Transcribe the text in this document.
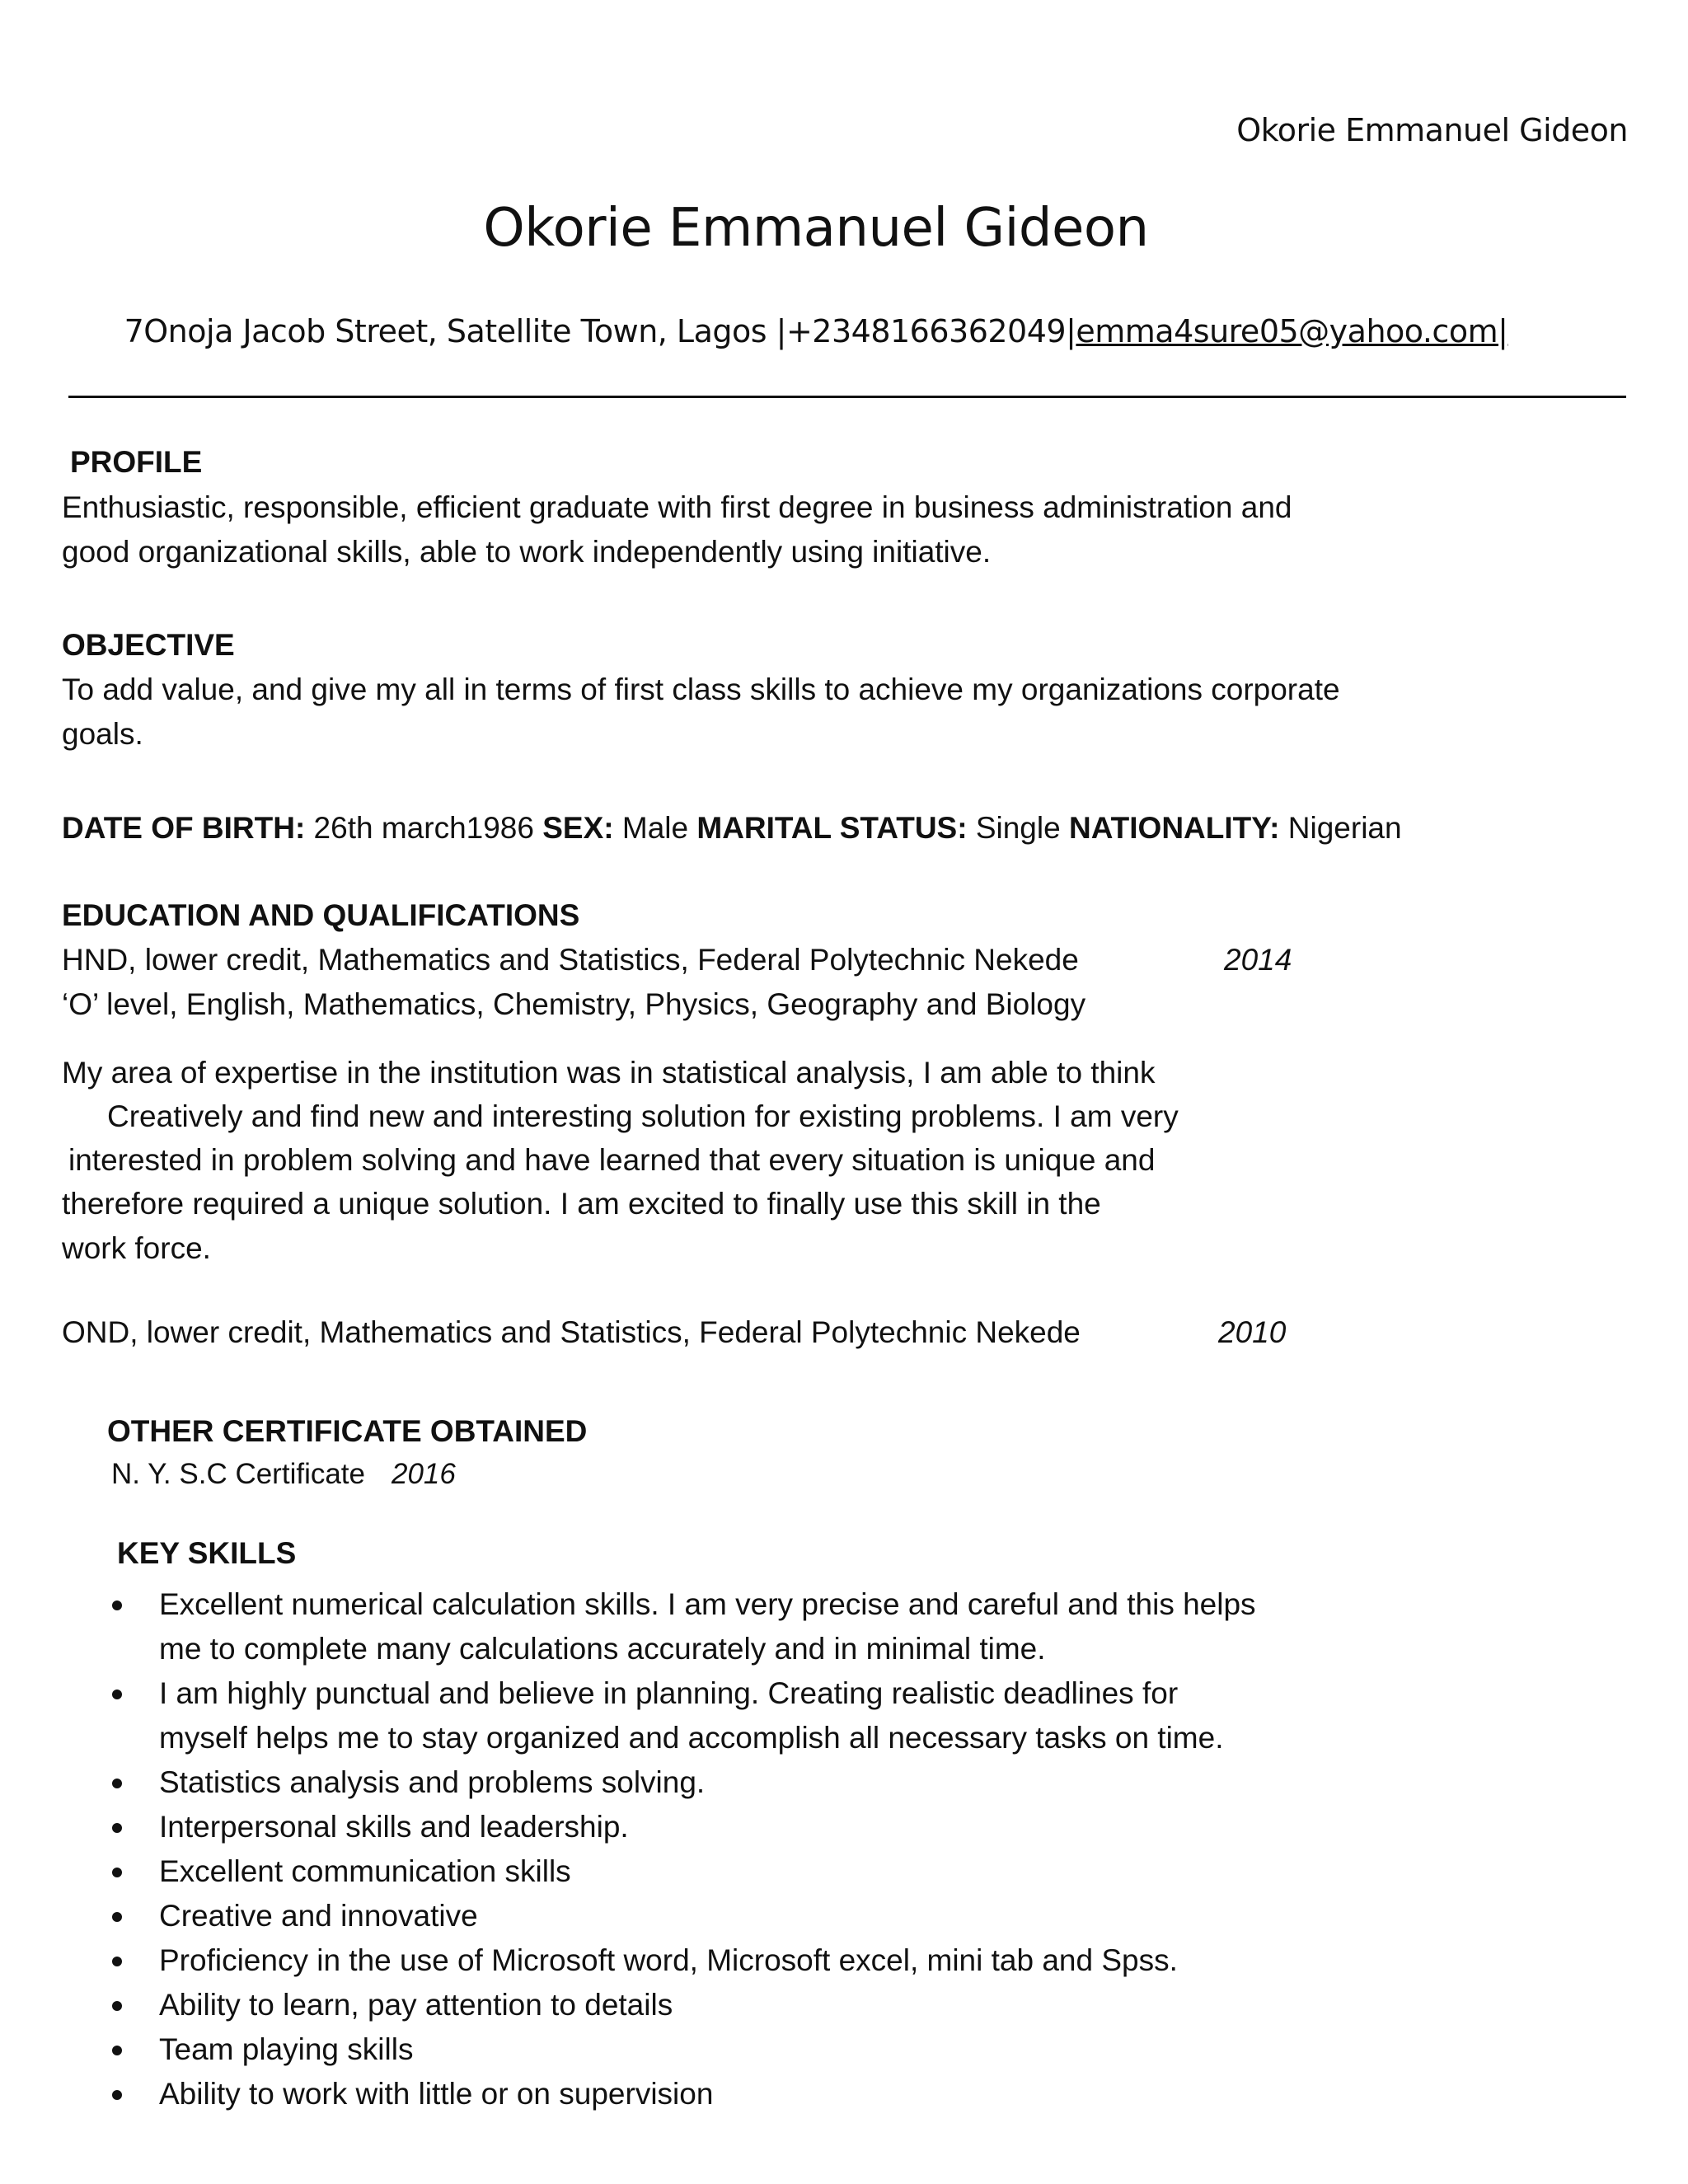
Okorie Emmanuel Gideon
Okorie Emmanuel Gideon
7Onoja Jacob Street, Satellite Town, Lagos |+2348166362049|emma4sure05@yahoo.com|
PROFILE
Enthusiastic, responsible, efficient graduate with first degree in business administration and
good organizational skills, able to work independently using initiative.
OBJECTIVE
To add value, and give my all in terms of first class skills to achieve my organizations corporate
goals.
DATE OF BIRTH: 26th march1986 SEX: Male MARITAL STATUS: Single NATIONALITY: Nigerian
EDUCATION AND QUALIFICATIONS
HND, lower credit, Mathematics and Statistics, Federal Polytechnic Nekede	2014
‘O’ level, English, Mathematics, Chemistry, Physics, Geography and Biology
My area of expertise in the institution was in statistical analysis, I am able to think
Creatively and find new and interesting solution for existing problems. I am very
interested in problem solving and have learned that every situation is unique and
therefore required a unique solution. I am excited to finally use this skill in the
work force.
OND, lower credit, Mathematics and Statistics, Federal Polytechnic Nekede	2010
OTHER CERTIFICATE OBTAINED
N. Y. S.C Certificate 2016
KEY SKILLS
Excellent numerical calculation skills. I am very precise and careful and this helps
me to complete many calculations accurately and in minimal time.
I am highly punctual and believe in planning. Creating realistic deadlines for
myself helps me to stay organized and accomplish all necessary tasks on time.
Statistics analysis and problems solving.
Interpersonal skills and leadership.
Excellent communication skills
Creative and innovative
Proficiency in the use of Microsoft word, Microsoft excel, mini tab and Spss.
Ability to learn, pay attention to details
Team playing skills
Ability to work with little or on supervision
